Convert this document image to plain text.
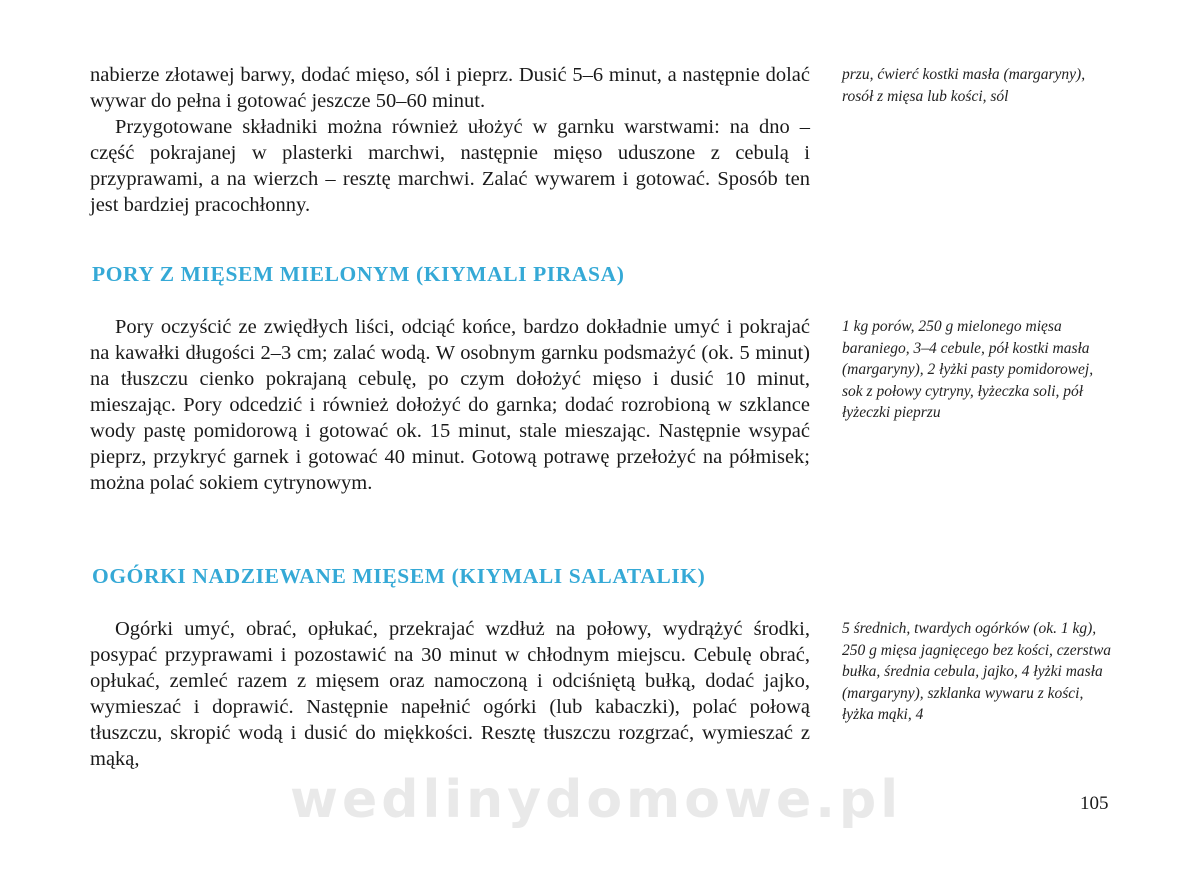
nabierze złotawej barwy, dodać mięso, sól i pieprz. Dusić 5–6 minut, a następnie dolać wywar do pełna i gotować jeszcze 50–60 minut.

Przygotowane składniki można również ułożyć w garnku warstwami: na dno – część pokrajanej w plasterki marchwi, następnie mięso uduszone z cebulą i przyprawami, a na wierzch – resztę marchwi. Zalać wywarem i gotować. Sposób ten jest bardziej pracochłonny.

przu, ćwierć kostki masła (margaryny), rosół z mięsa lub kości, sól
PORY Z MIĘSEM MIELONYM (KIYMALI PIRASA)

Pory oczyścić ze zwiędłych liści, odciąć końce, bardzo dokładnie umyć i pokrajać na kawałki długości 2–3 cm; zalać wodą. W osobnym garnku podsmażyć (ok. 5 minut) na tłuszczu cienko pokrajaną cebulę, po czym dołożyć mięso i dusić 10 minut, mieszając. Pory odcedzić i również dołożyć do garnka; dodać rozrobioną w szklance wody pastę pomidorową i gotować ok. 15 minut, stale mieszając. Następnie wsypać pieprz, przykryć garnek i gotować 40 minut. Gotową potrawę przełożyć na półmisek; można polać sokiem cytrynowym.

1 kg porów, 250 g mielonego mięsa baraniego, 3–4 cebule, pół kostki masła (margaryny), 2 łyżki pasty pomidorowej, sok z połowy cytryny, łyżeczka soli, pół łyżeczki pieprzu
OGÓRKI NADZIEWANE MIĘSEM (KIYMALI SALATALIK)

Ogórki umyć, obrać, opłukać, przekrajać wzdłuż na połowy, wydrążyć środki, posypać przyprawami i pozostawić na 30 minut w chłodnym miejscu. Cebulę obrać, opłukać, zemleć razem z mięsem oraz namoczoną i odciśniętą bułką, dodać jajko, wymieszać i doprawić. Następnie napełnić ogórki (lub kabaczki), polać połową tłuszczu, skropić wodą i dusić do miękkości. Resztę tłuszczu rozgrzać, wymieszać z mąką,

5 średnich, twardych ogórków (ok. 1 kg), 250 g mięsa jagnięcego bez kości, czerstwa bułka, średnia cebula, jajko, 4 łyżki masła (margaryny), szklanka wywaru z kości, łyżka mąki, 4
wedlinydomowe.pl	105
